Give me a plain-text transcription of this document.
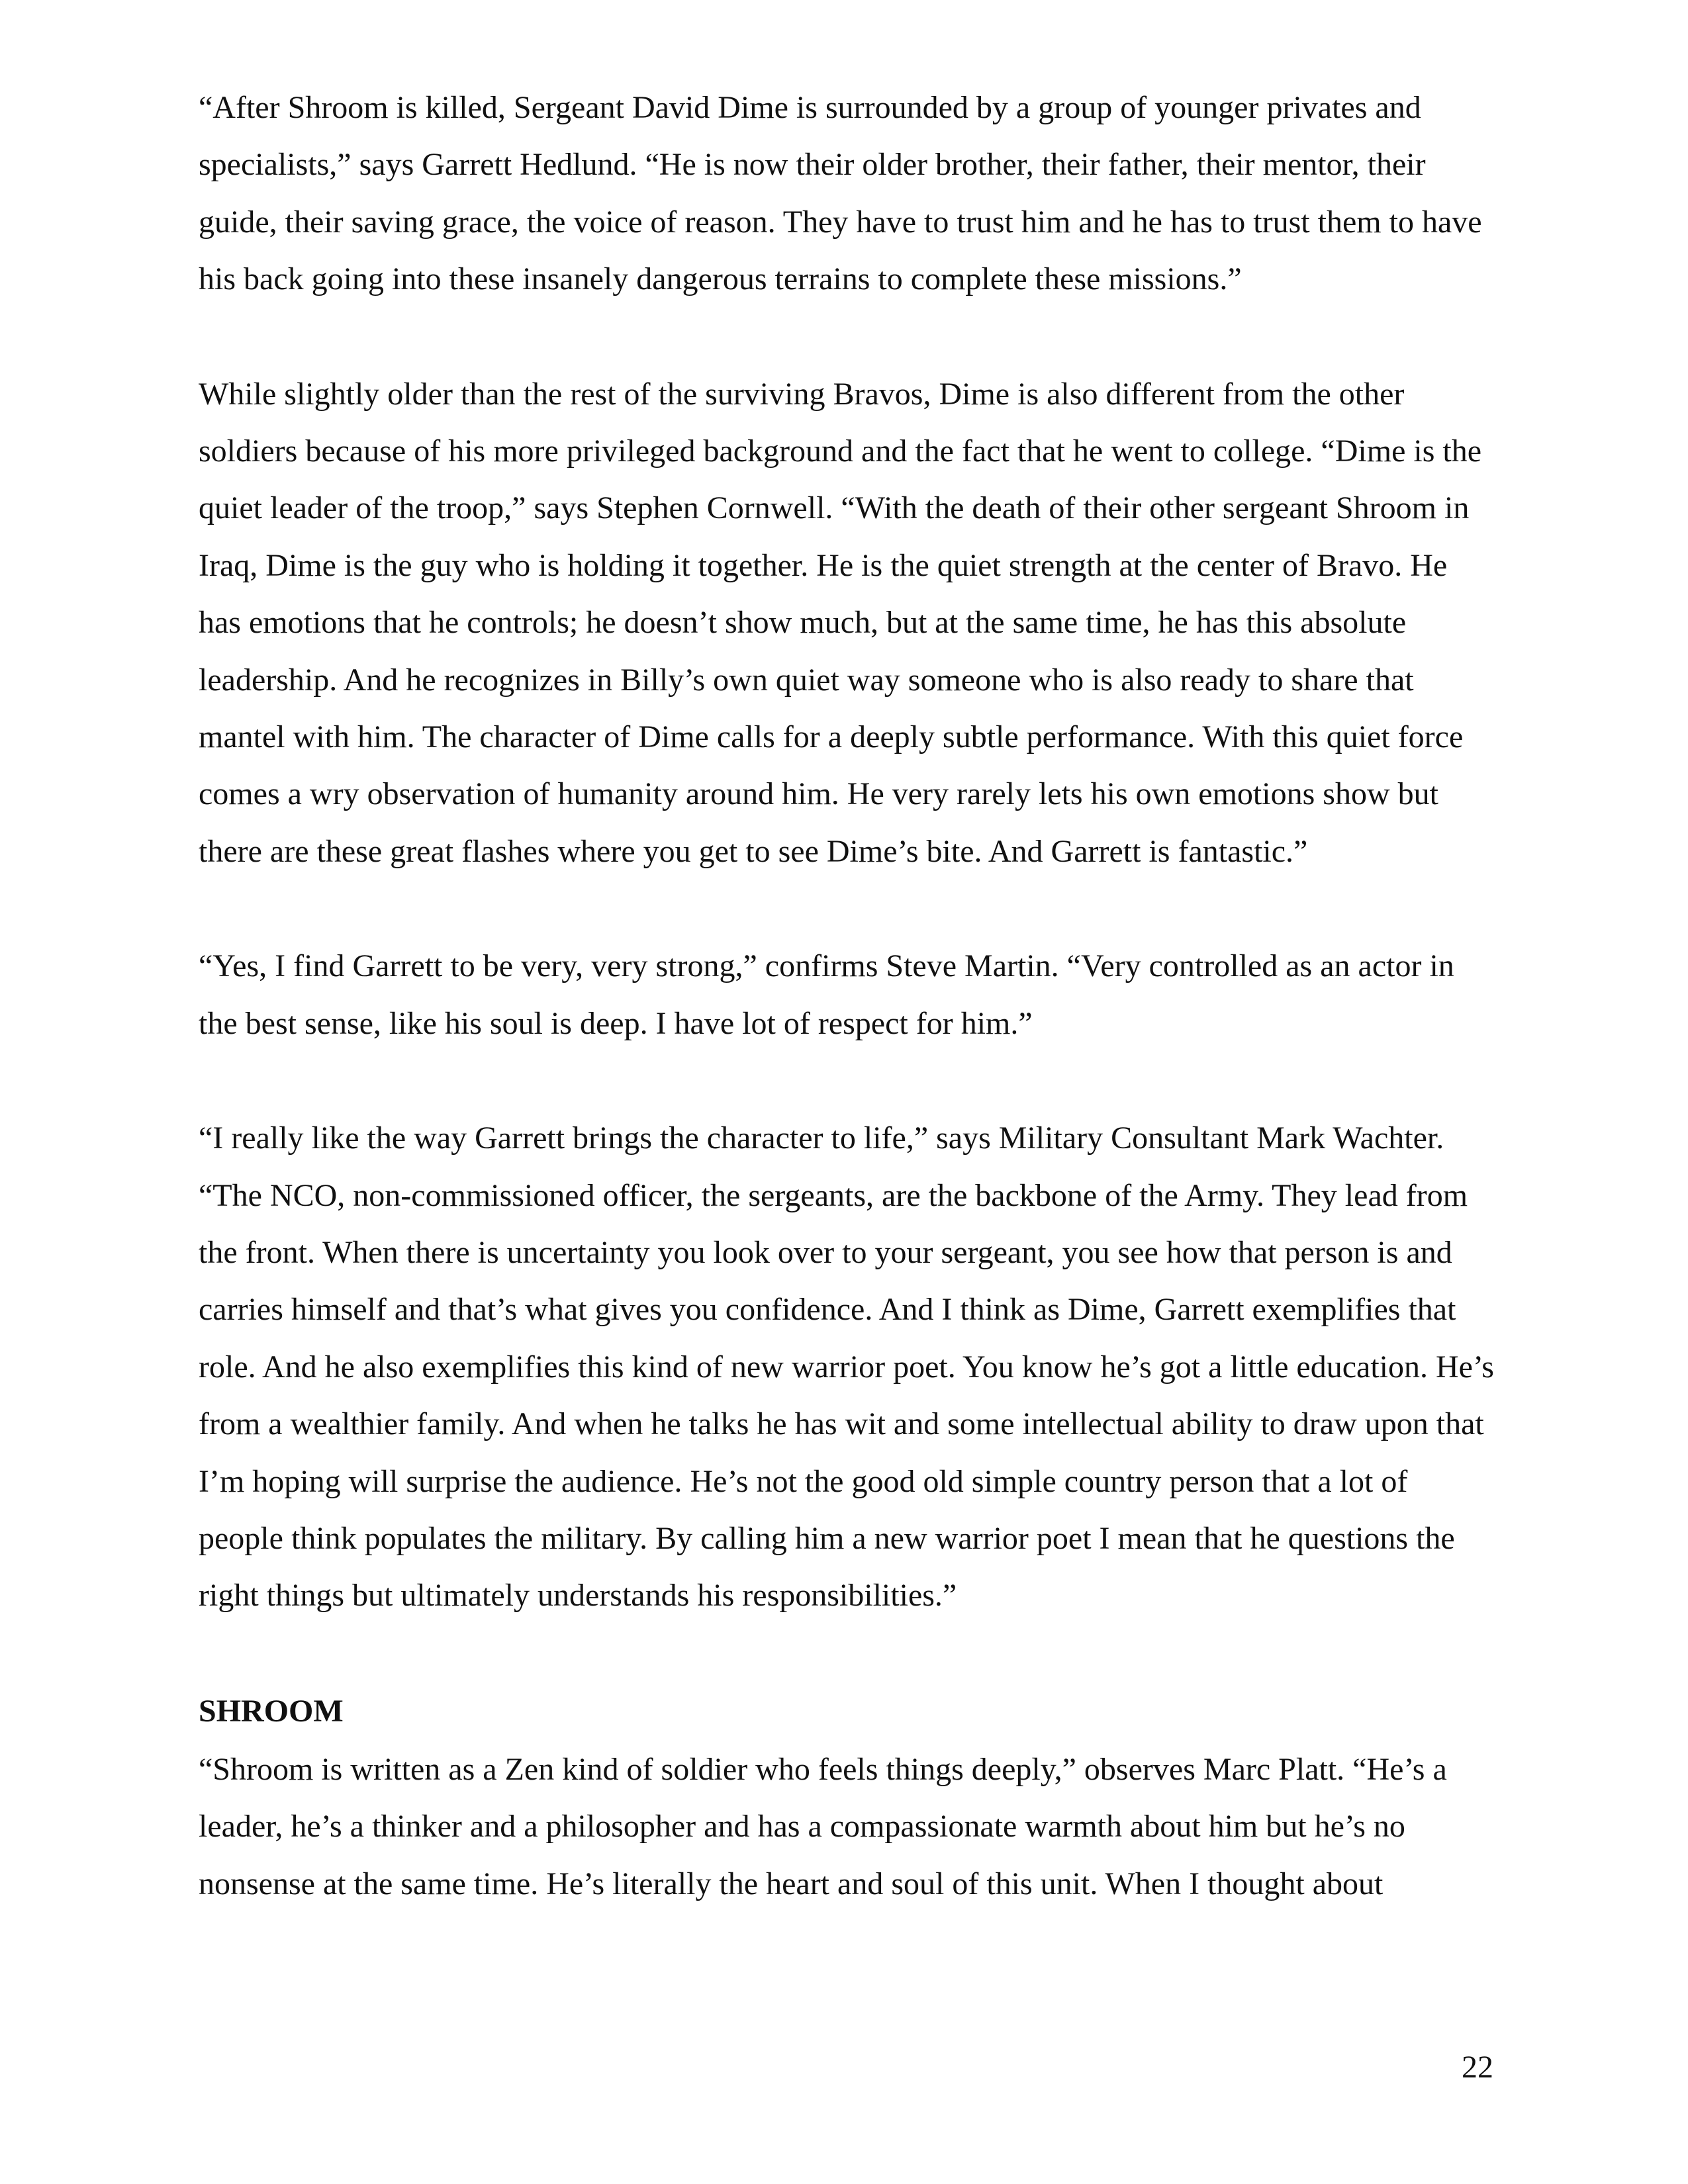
“After Shroom is killed, Sergeant David Dime is surrounded by a group of younger privates and specialists,” says Garrett Hedlund. “He is now their older brother, their father, their mentor, their guide, their saving grace, the voice of reason. They have to trust him and he has to trust them to have his back going into these insanely dangerous terrains to complete these missions.”

While slightly older than the rest of the surviving Bravos, Dime is also different from the other soldiers because of his more privileged background and the fact that he went to college. “Dime is the quiet leader of the troop,” says Stephen Cornwell. “With the death of their other sergeant Shroom in Iraq, Dime is the guy who is holding it together. He is the quiet strength at the center of Bravo. He has emotions that he controls; he doesn’t show much, but at the same time, he has this absolute leadership. And he recognizes in Billy’s own quiet way someone who is also ready to share that mantel with him. The character of Dime calls for a deeply subtle performance. With this quiet force comes a wry observation of humanity around him. He very rarely lets his own emotions show but there are these great flashes where you get to see Dime’s bite. And Garrett is fantastic.”

“Yes, I find Garrett to be very, very strong,” confirms Steve Martin. “Very controlled as an actor in the best sense, like his soul is deep. I have lot of respect for him.”

“I really like the way Garrett brings the character to life,” says Military Consultant Mark Wachter. “The NCO, non-commissioned officer, the sergeants, are the backbone of the Army. They lead from the front. When there is uncertainty you look over to your sergeant, you see how that person is and carries himself and that’s what gives you confidence. And I think as Dime, Garrett exemplifies that role. And he also exemplifies this kind of new warrior poet. You know he’s got a little education. He’s from a wealthier family. And when he talks he has wit and some intellectual ability to draw upon that I’m hoping will surprise the audience. He’s not the good old simple country person that a lot of people think populates the military. By calling him a new warrior poet I mean that he questions the right things but ultimately understands his responsibilities.”

SHROOM

“Shroom is written as a Zen kind of soldier who feels things deeply,” observes Marc Platt. “He’s a leader, he’s a thinker and a philosopher and has a compassionate warmth about him but he’s no nonsense at the same time. He’s literally the heart and soul of this unit. When I thought about

22
